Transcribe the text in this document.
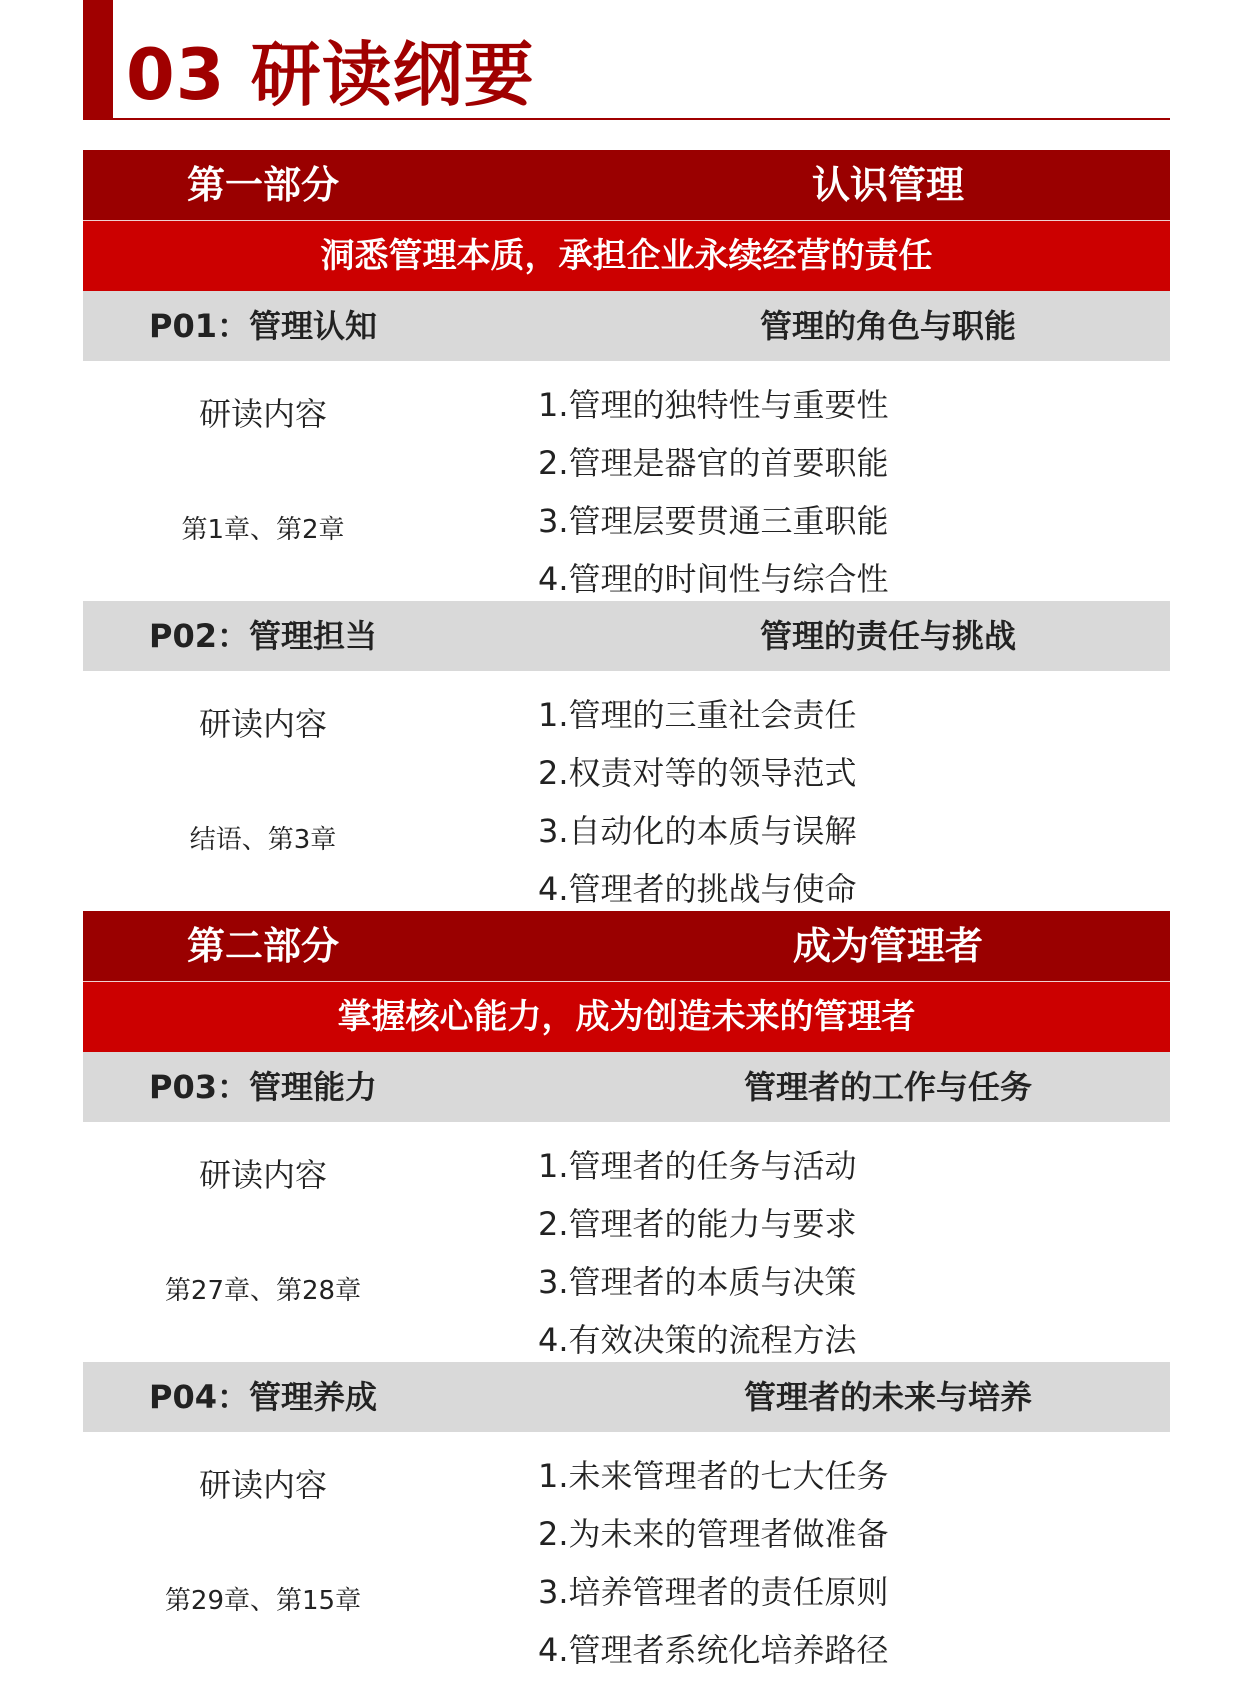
03 研读纲要
第一部分	认识管理
洞悉管理本质，承担企业永续经营的责任
P01：管理认知	管理的角色与职能
研读内容
第1章、第2章
1.管理的独特性与重要性
2.管理是器官的首要职能
3.管理层要贯通三重职能
4.管理的时间性与综合性
P02：管理担当	管理的责任与挑战
研读内容
结语、第3章
1.管理的三重社会责任
2.权责对等的领导范式
3.自动化的本质与误解
4.管理者的挑战与使命
第二部分	成为管理者
掌握核心能力，成为创造未来的管理者
P03：管理能力	管理者的工作与任务
研读内容
第27章、第28章
1.管理者的任务与活动
2.管理者的能力与要求
3.管理者的本质与决策
4.有效决策的流程方法
P04：管理养成	管理者的未来与培养
研读内容
第29章、第15章
1.未来管理者的七大任务
2.为未来的管理者做准备
3.培养管理者的责任原则
4.管理者系统化培养路径
